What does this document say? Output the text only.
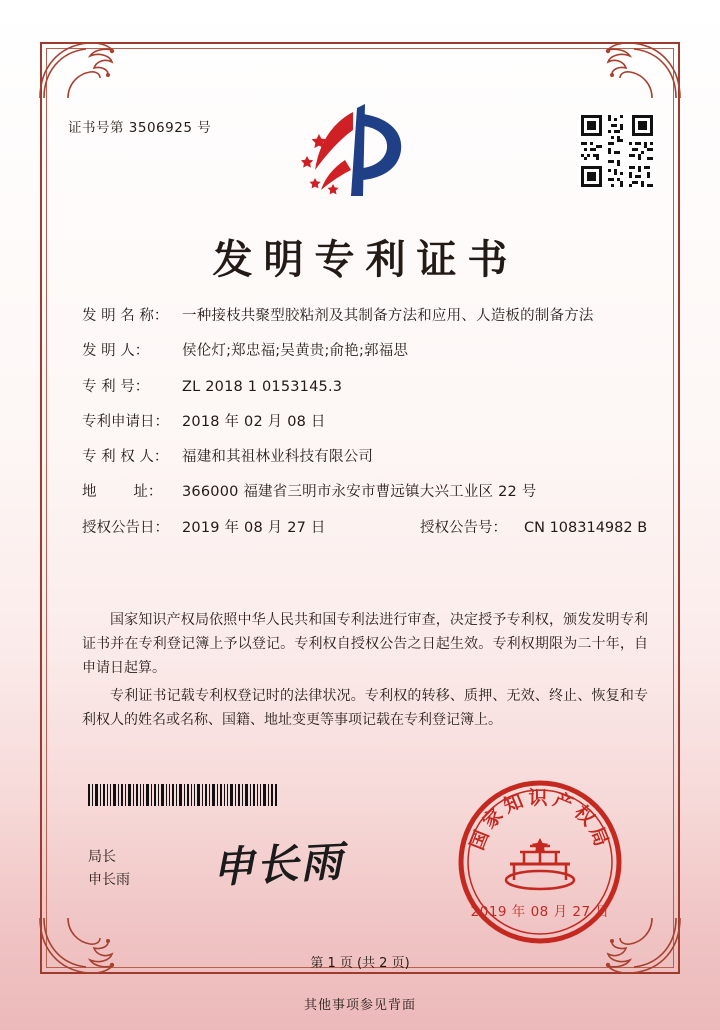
证书号第 3506925 号
发明专利证书
发 明 名 称： 一种接枝共聚型胶粘剂及其制备方法和应用、人造板的制备方法
发 明 人：	侯伦灯;郑忠福;吴黄贵;俞艳;郭福思
专 利 号：	ZL 2018 1 0153145.3
专利申请日： 2018 年 02 月 08 日
专 利 权 人： 福建和其祖林业科技有限公司
地        址：	366000 福建省三明市永安市曹远镇大兴工业区 22 号
授权公告日： 2019 年 08 月 27 日	授权公告号：	CN 108314982 B

国家知识产权局依照中华人民共和国专利法进行审查，决定授予专利权，颁发发明专利证书并在专利登记簿上予以登记。专利权自授权公告之日起生效。专利权期限为二十年，自申请日起算。

专利证书记载专利权登记时的法律状况。专利权的转移、质押、无效、终止、恢复和专利权人的姓名或名称、国籍、地址变更等事项记载在专利登记簿上。

局长
申长雨 申长雨	国家知识产权局
2019 年 08 月 27 日
第 1 页 (共 2 页)
其他事项参见背面
